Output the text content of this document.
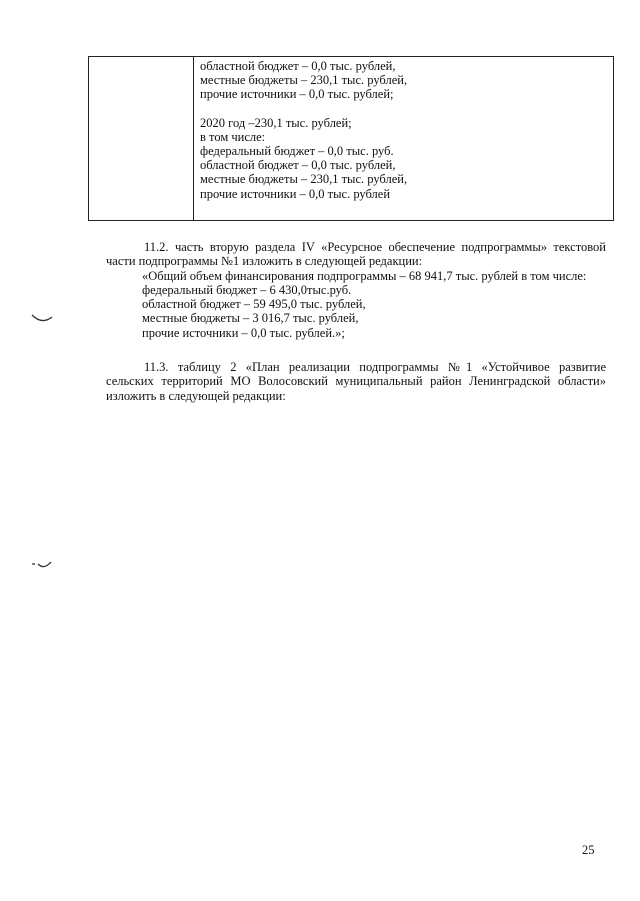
областной бюджет – 0,0 тыс. рублей,
местные бюджеты – 230,1 тыс. рублей,
прочие источники – 0,0 тыс. рублей;
2020 год –230,1 тыс. рублей;
в том числе:
федеральный бюджет – 0,0 тыс. руб.
областной бюджет – 0,0 тыс. рублей,
местные бюджеты – 230,1 тыс. рублей,
прочие источники – 0,0 тыс. рублей
11.2. часть вторую раздела IV «Ресурсное обеспечение подпрограммы» текстовой
части подпрограммы №1 изложить в следующей редакции:
«Общий объем финансирования подпрограммы – 68 941,7 тыс. рублей в том числе:
федеральный бюджет – 6 430,0тыс.руб.
областной бюджет – 59 495,0 тыс. рублей,
местные бюджеты – 3 016,7 тыс. рублей,
прочие источники – 0,0 тыс. рублей.»;
11.3. таблицу 2 «План реализации подпрограммы №1 «Устойчивое развитие
сельских территорий МО Волосовский муниципальный район Ленинградской области»
изложить в следующей редакции:
25
